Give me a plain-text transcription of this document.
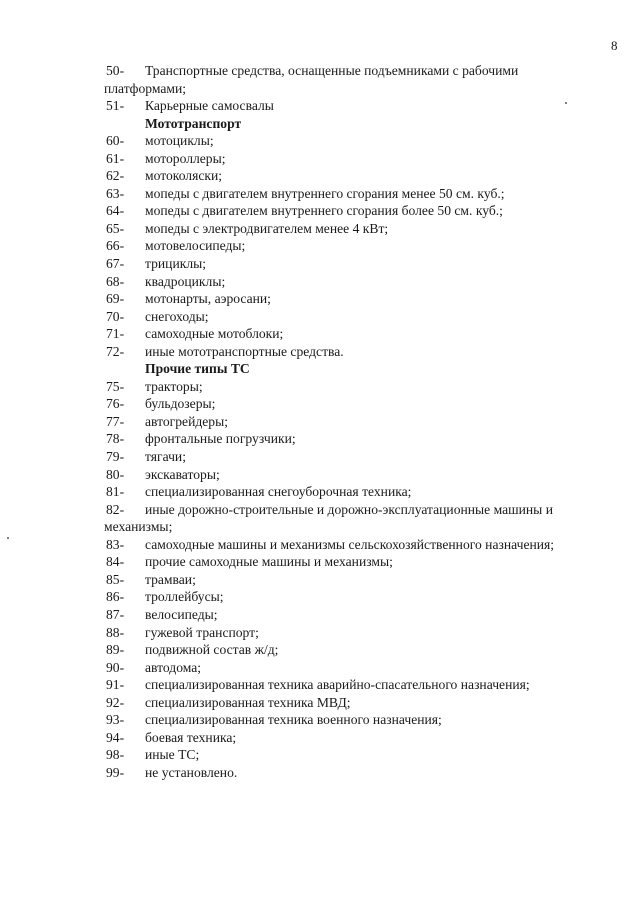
8
50-	Транспортные средства, оснащенные подъемниками с рабочими
платформами;
51-	Карьерные самосвалы
Мототранспорт
60-	мотоциклы;
61-	мотороллеры;
62-	мотоколяски;
63-	мопеды с двигателем внутреннего сгорания менее 50 см. куб.;
64-	мопеды с двигателем внутреннего сгорания более 50 см. куб.;
65-	мопеды с электродвигателем менее 4 кВт;
66-	мотовелосипеды;
67-	трициклы;
68-	квадроциклы;
69-	мотонарты, аэросани;
70-	снегоходы;
71-	самоходные мотоблоки;
72-	иные мототранспортные средства.
Прочие типы ТС
75-	тракторы;
76-	бульдозеры;
77-	автогрейдеры;
78-	фронтальные погрузчики;
79-	тягачи;
80-	экскаваторы;
81-	специализированная снегоуборочная техника;
82-	иные дорожно-строительные и дорожно-эксплуатационные машины и
механизмы;
83-	самоходные машины и механизмы сельскохозяйственного назначения;
84-	прочие самоходные машины и механизмы;
85-	трамваи;
86-	троллейбусы;
87-	велосипеды;
88-	гужевой транспорт;
89-	подвижной состав ж/д;
90-	автодома;
91-	специализированная техника аварийно-спасательного назначения;
92-	специализированная техника МВД;
93-	специализированная техника военного назначения;
94-	боевая техника;
98-	иные ТС;
99-	не установлено.
